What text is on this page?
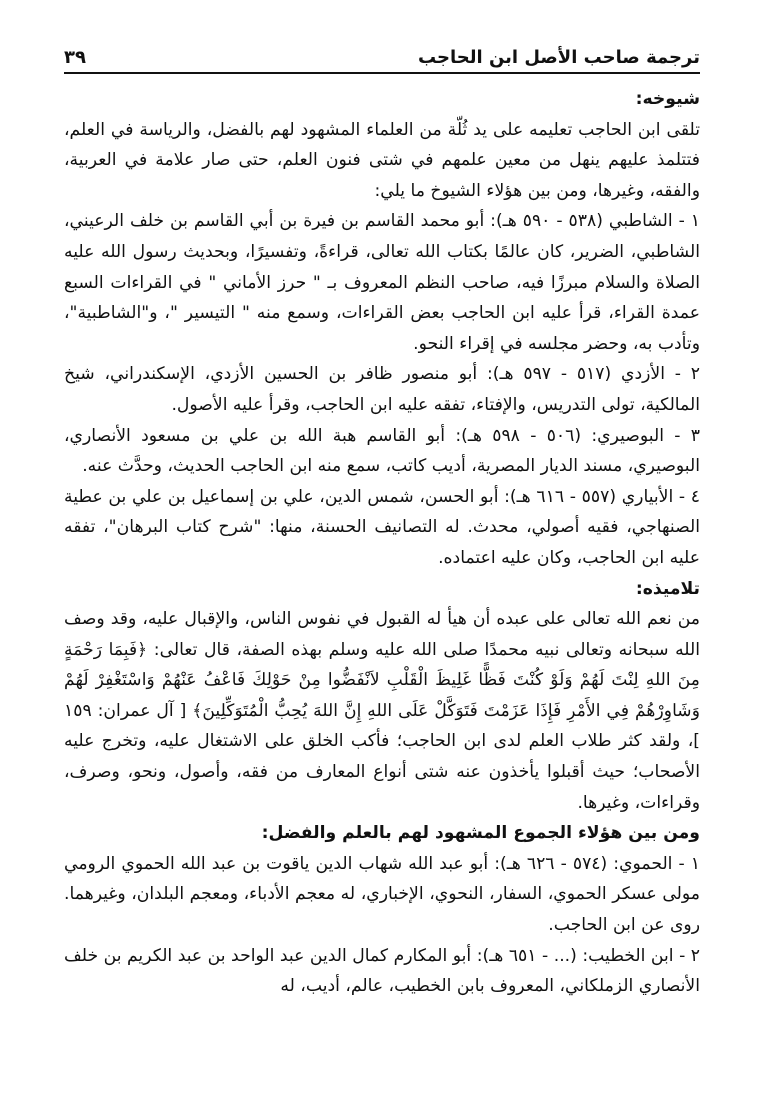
ترجمة صاحب الأصل ابن الحاجب
٣٩

شيوخه:

تلقى ابن الحاجب تعليمه على يد ثُلّة من العلماء المشهود لهم بالفضل، والرياسة في العلم، فتتلمذ عليهم ينهل من معين علمهم في شتى فنون العلم، حتى صار علامة في العربية، والفقه، وغيرها، ومن بين هؤلاء الشيوخ ما يلي:

١ - الشاطبي (٥٣٨ - ٥٩٠ هـ): أبو محمد القاسم بن فيرة بن أبي القاسم بن خلف الرعيني، الشاطبي، الضرير، كان عالمًا بكتاب الله تعالى، قراءةً، وتفسيرًا، وبحديث رسول الله عليه الصلاة والسلام مبرزًا فيه، صاحب النظم المعروف بـ " حرز الأماني " في القراءات السبع عمدة القراء، قرأ عليه ابن الحاجب بعض القراءات، وسمع منه " التيسير "، و"الشاطبية"، وتأدب به، وحضر مجلسه في إقراء النحو.

٢ - الأزدي (٥١٧ - ٥٩٧ هـ): أبو منصور ظافر بن الحسين الأزدي، الإسكندراني، شيخ المالكية، تولى التدريس، والإفتاء، تفقه عليه ابن الحاجب، وقرأ عليه الأصول.

٣ - البوصيري: (٥٠٦ - ٥٩٨ هـ): أبو القاسم هبة الله بن علي بن مسعود الأنصاري، البوصيري، مسند الديار المصرية، أديب كاتب، سمع منه ابن الحاجب الحديث، وحدَّث عنه.

٤ - الأبياري (٥٥٧ - ٦١٦ هـ): أبو الحسن، شمس الدين، علي بن إسماعيل بن علي بن عطية الصنهاجي، فقيه أصولي، محدث. له التصانيف الحسنة، منها: "شرح كتاب البرهان"، تفقه عليه ابن الحاجب، وكان عليه اعتماده.

تلاميذه:

من نعم الله تعالى على عبده أن هيأ له القبول في نفوس الناس، والإقبال عليه، وقد وصف الله سبحانه وتعالى نبيه محمدًا صلى الله عليه وسلم بهذه الصفة، قال تعالى: ﴿فَبِمَا رَحْمَةٍ مِنَ اللهِ لِنْتَ لَهُمْ وَلَوْ كُنْتَ فَظًّا غَلِيظَ الْقَلْبِ لاَنْفَضُّوا مِنْ حَوْلِكَ فَاعْفُ عَنْهُمْ وَاسْتَغْفِرْ لَهُمْ وَشَاوِرْهُمْ فِي الأَمْرِ فَإِذَا عَزَمْتَ فَتَوَكَّلْ عَلَى اللهِ إِنَّ اللهَ يُحِبُّ الْمُتَوَكِّلِينَ﴾ [ آل عمران: ١٥٩ ]، ولقد كثر طلاب العلم لدى ابن الحاجب؛ فأكب الخلق على الاشتغال عليه، وتخرج عليه الأصحاب؛ حيث أقبلوا يأخذون عنه شتى أنواع المعارف من فقه، وأصول، ونحو، وصرف، وقراءات، وغيرها.

ومن بين هؤلاء الجموع المشهود لهم بالعلم والفضل:

١ - الحموي: (٥٧٤ - ٦٢٦ هـ): أبو عبد الله شهاب الدين ياقوت بن عبد الله الحموي الرومي مولى عسكر الحموي، السفار، النحوي، الإخباري، له معجم الأدباء، ومعجم البلدان، وغيرهما. روى عن ابن الحاجب.

٢ - ابن الخطيب: (... - ٦٥١ هـ): أبو المكارم كمال الدين عبد الواحد بن عبد الكريم بن خلف الأنصاري الزملكاني، المعروف بابن الخطيب، عالم، أديب، له
